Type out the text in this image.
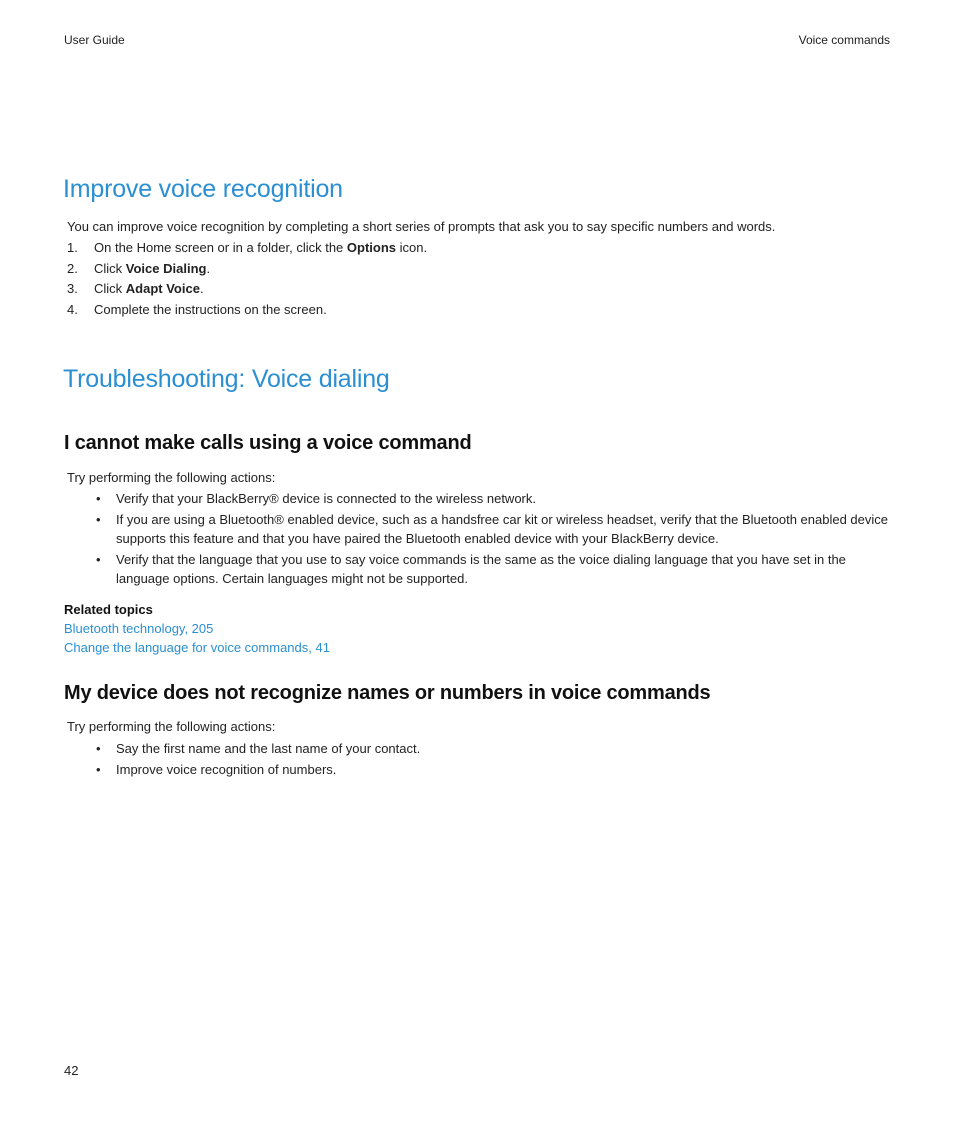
User Guide	Voice commands
Improve voice recognition

You can improve voice recognition by completing a short series of prompts that ask you to say specific numbers and words.

1. On the Home screen or in a folder, click the Options icon.
2. Click Voice Dialing.
3. Click Adapt Voice.
4. Complete the instructions on the screen.
Troubleshooting: Voice dialing
I cannot make calls using a voice command

Try performing the following actions:

• Verify that your BlackBerry® device is connected to the wireless network.
• If you are using a Bluetooth® enabled device, such as a handsfree car kit or wireless headset, verify that the Bluetooth enabled device supports this feature and that you have paired the Bluetooth enabled device with your BlackBerry device.
• Verify that the language that you use to say voice commands is the same as the voice dialing language that you have set in the language options. Certain languages might not be supported.

Related topics

Bluetooth technology, 205
Change the language for voice commands, 41
My device does not recognize names or numbers in voice commands

Try performing the following actions:

• Say the first name and the last name of your contact.
• Improve voice recognition of numbers.
42
